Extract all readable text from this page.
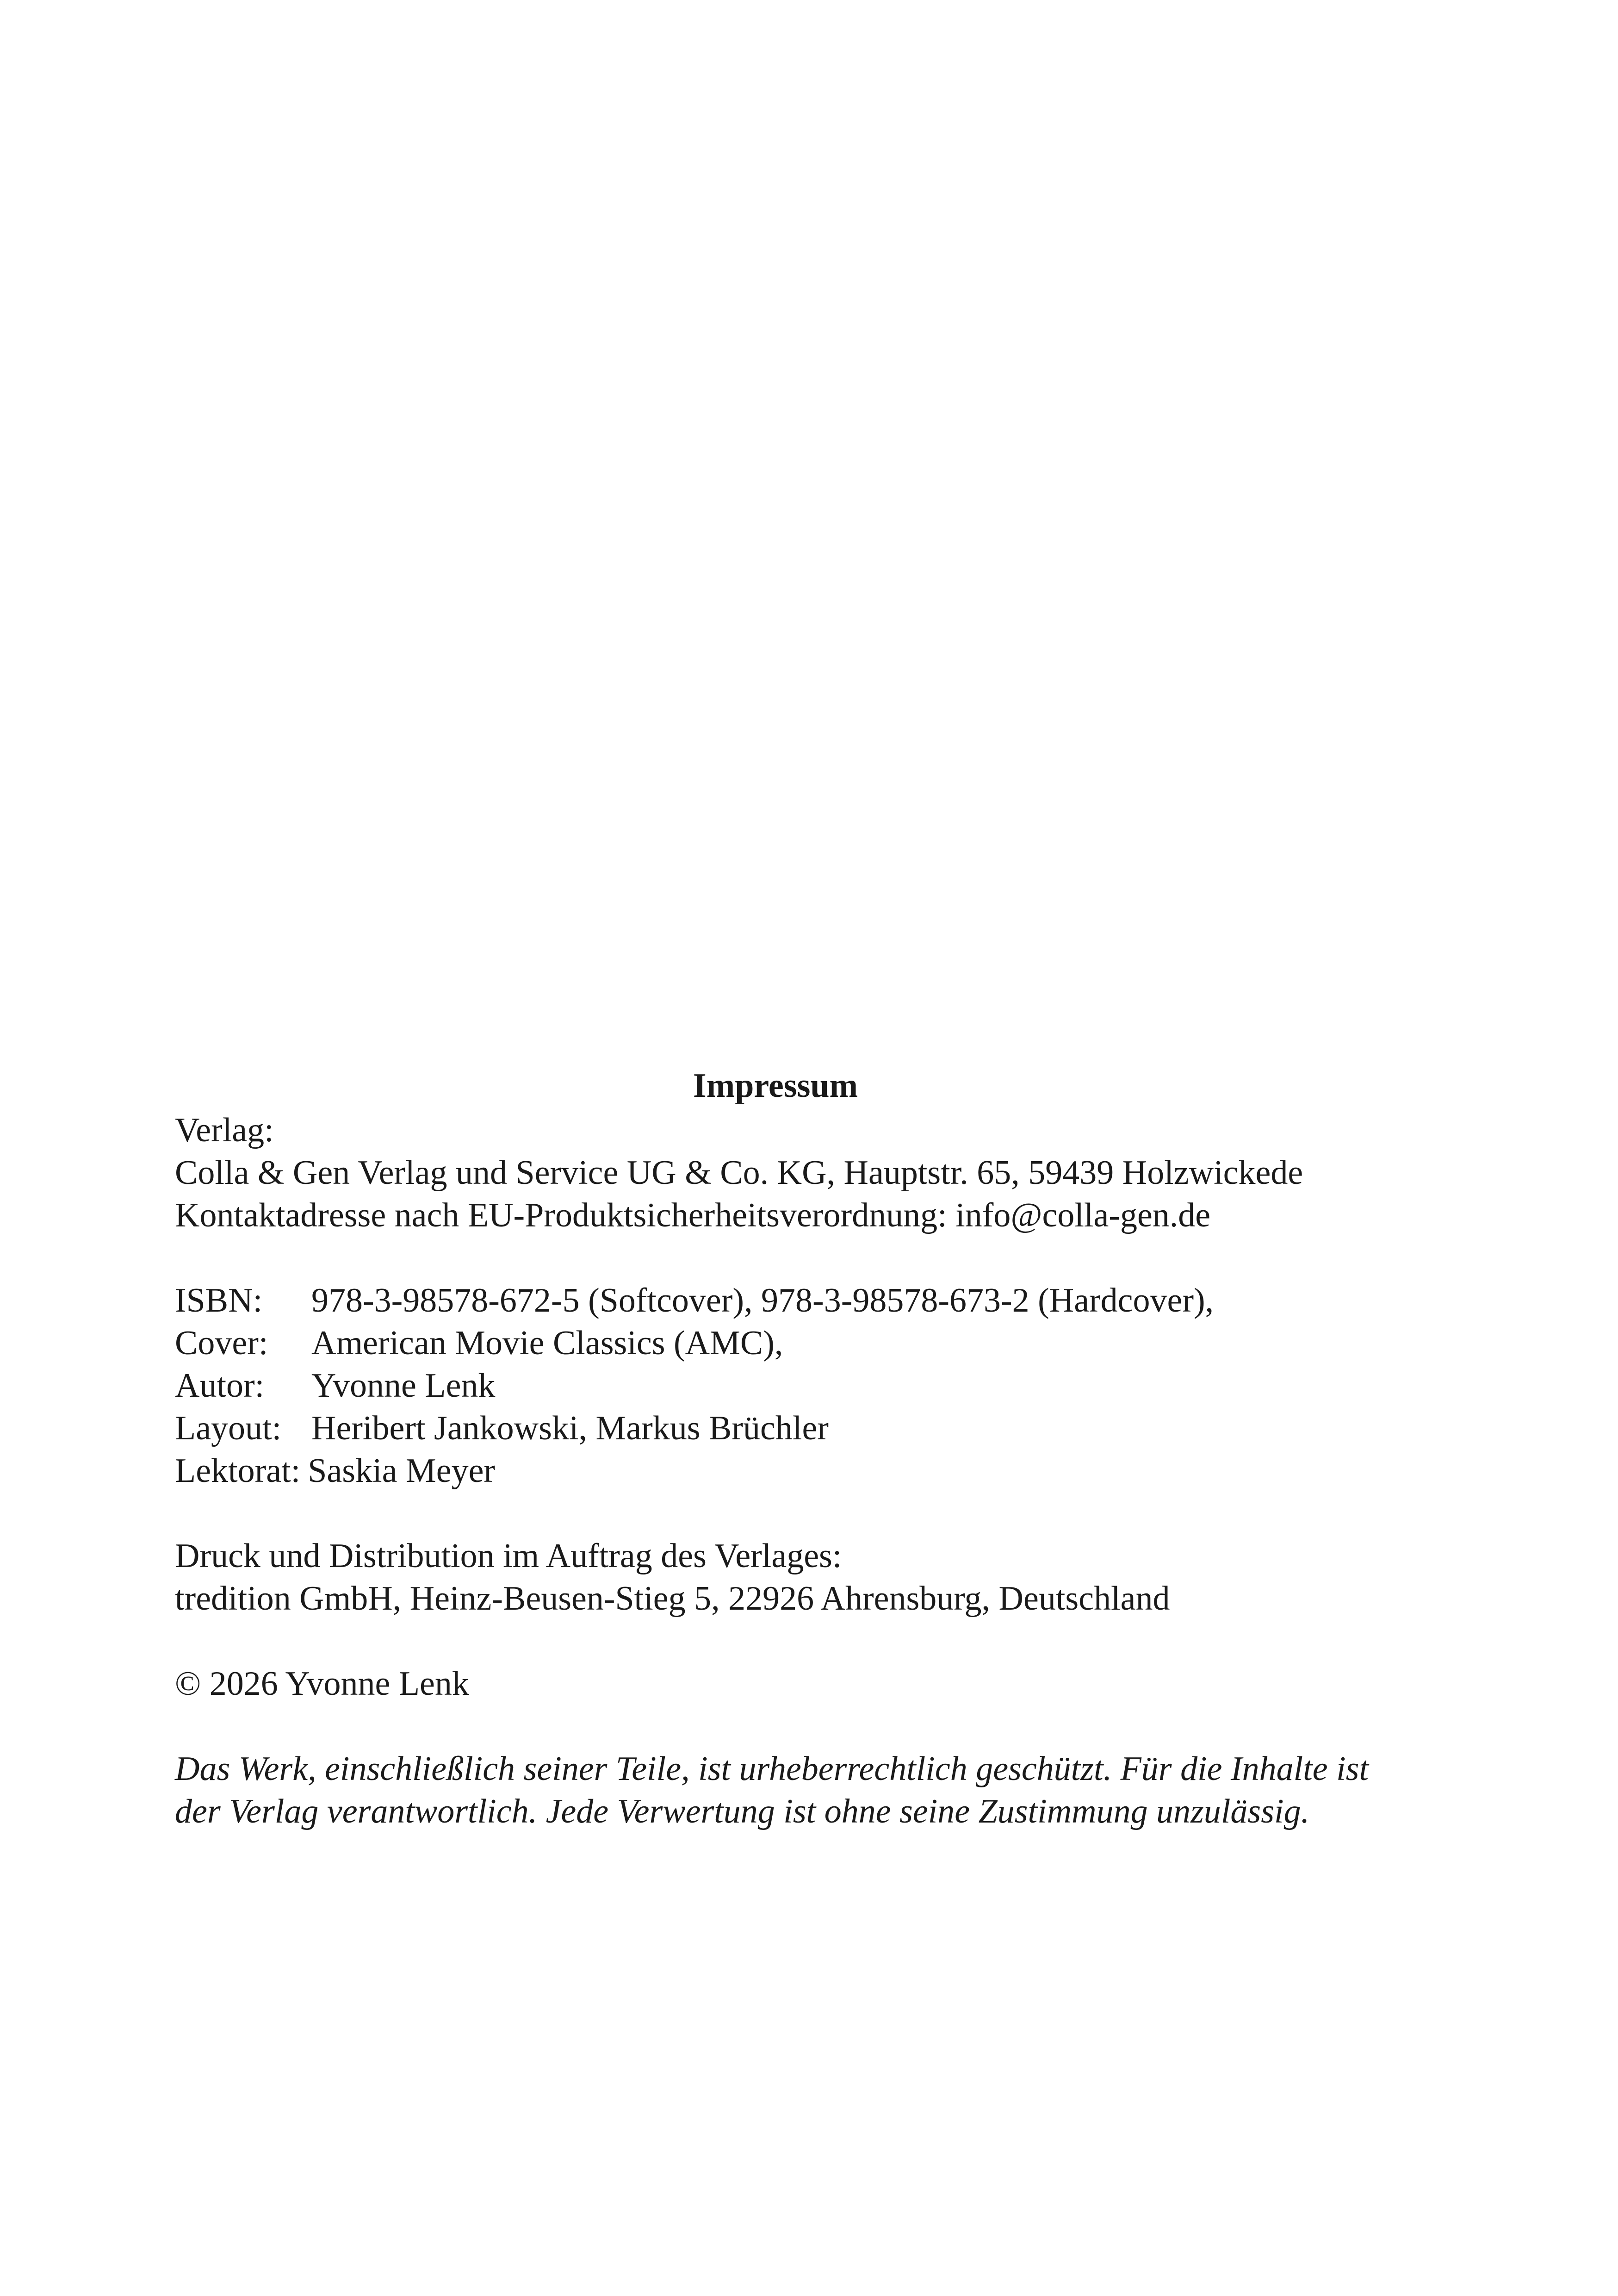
Impressum
Verlag:
Colla & Gen Verlag und Service UG & Co. KG, Hauptstr. 65, 59439 Holzwickede
Kontaktadresse nach EU-Produktsicherheitsverordnung: info@colla-gen.de
ISBN:	978-3-98578-672-5 (Softcover), 978-3-98578-673-2 (Hardcover),
Cover:	American Movie Classics (AMC),
Autor:	Yvonne Lenk
Layout: Heribert Jankowski, Markus Brüchler
Lektorat: Saskia Meyer
Druck und Distribution im Auftrag des Verlages:
tredition GmbH, Heinz-Beusen-Stieg 5, 22926 Ahrensburg, Deutschland
© 2026 Yvonne Lenk
Das Werk, einschließlich seiner Teile, ist urheberrechtlich geschützt. Für die Inhalte ist
der Verlag verantwortlich. Jede Verwertung ist ohne seine Zustimmung unzulässig.
